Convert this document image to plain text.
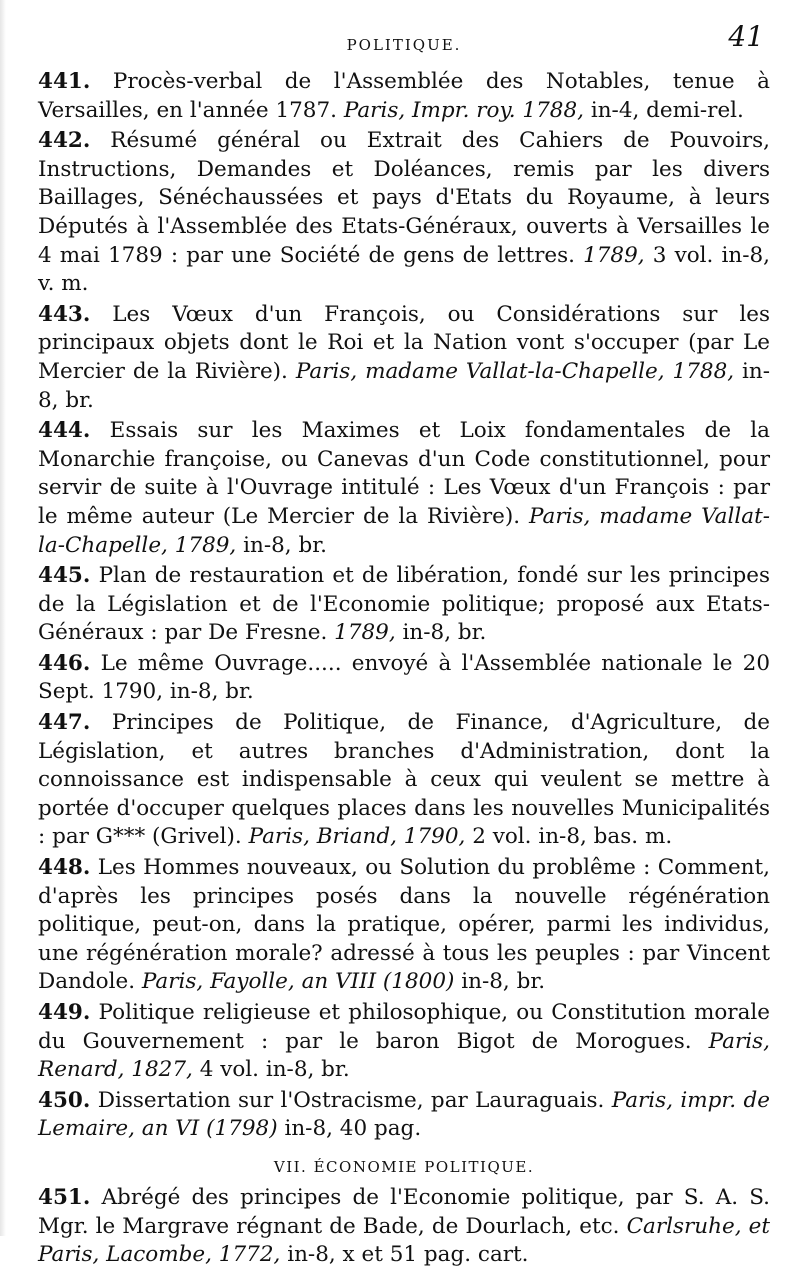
POLITIQUE.	41

441. Procès-verbal de l'Assemblée des Notables, tenue à Versailles, en l'année 1787. Paris, Impr. roy. 1788, in-4, demi-rel.

442. Résumé général ou Extrait des Cahiers de Pouvoirs, Instructions, Demandes et Doléances, remis par les divers Baillages, Sénéchaussées et pays d'Etats du Royaume, à leurs Députés à l'Assemblée des Etats-Généraux, ouverts à Versailles le 4 mai 1789 : par une Société de gens de lettres. 1789, 3 vol. in-8, v. m.

443. Les Vœux d'un François, ou Considérations sur les principaux objets dont le Roi et la Nation vont s'occuper (par Le Mercier de la Rivière). Paris, madame Vallat-la-Chapelle, 1788, in-8, br.

444. Essais sur les Maximes et Loix fondamentales de la Monarchie françoise, ou Canevas d'un Code constitutionnel, pour servir de suite à l'Ouvrage intitulé : Les Vœux d'un François : par le même auteur (Le Mercier de la Rivière). Paris, madame Vallat-la-Chapelle, 1789, in-8, br.

445. Plan de restauration et de libération, fondé sur les principes de la Législation et de l'Economie politique; proposé aux Etats-Généraux : par De Fresne. 1789, in-8, br.

446. Le même Ouvrage..... envoyé à l'Assemblée nationale le 20 Sept. 1790, in-8, br.

447. Principes de Politique, de Finance, d'Agriculture, de Législation, et autres branches d'Administration, dont la connoissance est indispensable à ceux qui veulent se mettre à portée d'occuper quelques places dans les nouvelles Municipalités : par G*** (Grivel). Paris, Briand, 1790, 2 vol. in-8, bas. m.

448. Les Hommes nouveaux, ou Solution du problême : Comment, d'après les principes posés dans la nouvelle régénération politique, peut-on, dans la pratique, opérer, parmi les individus, une régénération morale? adressé à tous les peuples : par Vincent Dandole. Paris, Fayolle, an VIII (1800) in-8, br.

449. Politique religieuse et philosophique, ou Constitution morale du Gouvernement : par le baron Bigot de Morogues. Paris, Renard, 1827, 4 vol. in-8, br.

450. Dissertation sur l'Ostracisme, par Lauraguais. Paris, impr. de Lemaire, an VI (1798) in-8, 40 pag.

VII. ÉCONOMIE POLITIQUE.

451. Abrégé des principes de l'Economie politique, par S. A. S. Mgr. le Margrave régnant de Bade, de Dourlach, etc. Carlsruhe, et Paris, Lacombe, 1772, in-8, x et 51 pag. cart.
